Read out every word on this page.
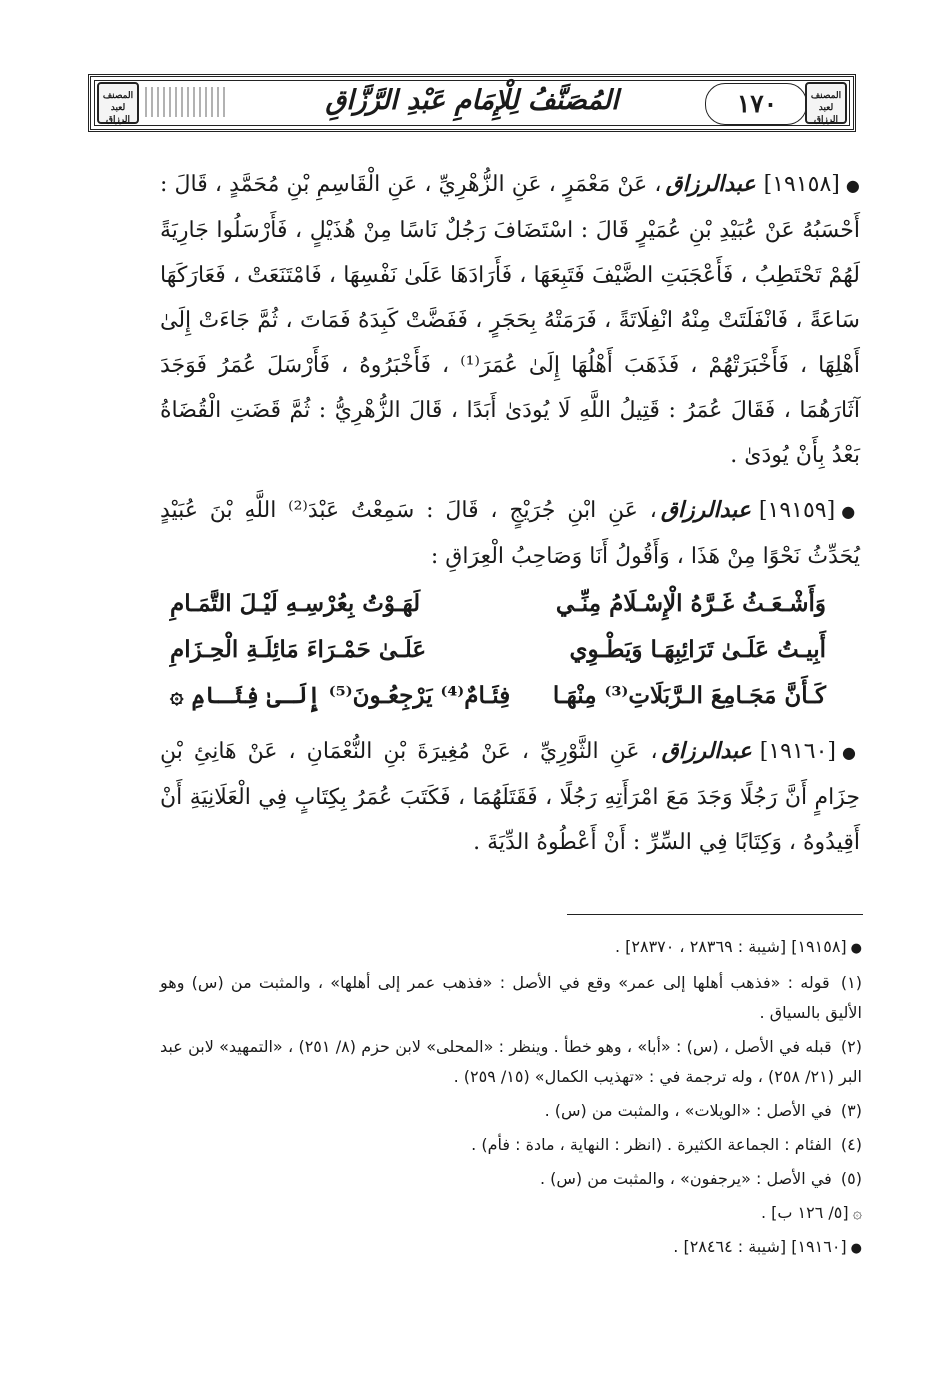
المصنف لعبد الرزاق
المُصَنَّفُ لِلْإِمَامِ عَبْدِ الرَّزَّاقِ	١٧٠	المصنف لعبد الرزاق

●[١٩١٥٨]عبدالرزاق، عَنْ مَعْمَرٍ ، عَنِ الزُّهْرِيِّ ، عَنِ الْقَاسِمِ بْنِ مُحَمَّدٍ ، قَالَ : أَحْسَبُهُ عَنْ عُبَيْدِ بْنِ عُمَيْرٍ قَالَ : اسْتَضَافَ رَجُلٌ نَاسًا مِنْ هُذَيْلٍ ، فَأَرْسَلُوا جَارِيَةً لَهُمْ تَحْتَطِبُ ، فَأَعْجَبَتِ الضَّيْفَ فَتَبِعَهَا ، فَأَرَادَهَا عَلَىٰ نَفْسِهَا ، فَامْتَنَعَتْ ، فَعَارَكَهَا سَاعَةً ، فَانْفَلَتَتْ مِنْهُ انْفِلَاتَةً ، فَرَمَتْهُ بِحَجَرٍ ، فَفَضَّتْ كَبِدَهُ فَمَاتَ ، ثُمَّ جَاءَتْ إِلَىٰ أَهْلِهَا ، فَأَخْبَرَتْهُمْ ، فَذَهَبَ أَهْلُهَا إِلَىٰ عُمَرَ⁽¹⁾ ، فَأَخْبَرُوهُ ، فَأَرْسَلَ عُمَرُ فَوَجَدَ آثَارَهُمَا ، فَقَالَ عُمَرُ : قَتِيلُ اللَّهِ لَا يُودَىٰ أَبَدًا ، قَالَ الزُّهْرِيُّ : ثُمَّ قَضَتِ الْقُضَاةُ بَعْدُ بِأَنْ يُودَىٰ .

●[١٩١٥٩]عبدالرزاق، عَنِ ابْنِ جُرَيْجٍ ، قَالَ : سَمِعْتُ عَبْدَ⁽²⁾ اللَّهِ بْنَ عُبَيْدٍ يُحَدِّثُ نَحْوًا مِنْ هَذَا ، وَأَقُولُ أَنَا وَصَاحِبُ الْعِرَاقِ :
وَأَشْـعَـثُ غَـرَّهُ الْإِسْـلَامُ مِنِّـي
لَهَـوْتُ بِعُرْسِـهِ لَيْـلَ التَّمَـامِ
أَبِيـتُ عَلَـىٰ تَرَائِبِهَـا وَيَطْـوِي
عَلَـىٰ حَمْـرَاءَ مَائِلَـةِ الْحِـزَامِ
كَـأَنَّ مَجَـامِعَ الـرَّبَلَاتِ⁽³⁾ مِنْهَـا
فِئَـامٌ⁽⁴⁾ يَرْجِعُـونَ⁽⁵⁾ إِلَـىٰ فِئَـامِ ۞

●[١٩١٦٠]عبدالرزاق، عَنِ الثَّوْرِيِّ ، عَنْ مُغِيرَةَ بْنِ النُّعْمَانِ ، عَنْ هَانِئِ بْنِ حِزَامٍ أَنَّ رَجُلًا وَجَدَ مَعَ امْرَأَتِهِ رَجُلًا ، فَقَتَلَهُمَا ، فَكَتَبَ عُمَرُ بِكِتَابٍ فِي الْعَلَانِيَةِ أَنْ أَقِيدُوهُ ، وَكِتَابًا فِي السِّرِّ : أَنْ أَعْطُوهُ الدِّيَةَ .

●[١٩١٥٨] [شيبة : ٢٨٣٦٩ ، ٢٨٣٧٠] .
(١) قوله : «فذهب أهلها إلى عمر» وقع في الأصل : «فذهب عمر إلى أهلها» ، والمثبت من (س) وهو الأليق بالسياق .
(٢) قبله في الأصل ، (س) : «أبا» ، وهو خطأ . وينظر : «المحلى» لابن حزم (٨/ ٢٥١) ، «التمهيد» لابن عبد البر (٢١/ ٢٥٨) ، وله ترجمة في : «تهذيب الكمال» (١٥/ ٢٥٩) .
(٣) في الأصل : «الويلات» ، والمثبت من (س) .
(٤) الفئام : الجماعة الكثيرة . (انظر : النهاية ، مادة : فأم) .
(٥) في الأصل : «يرجفون» ، والمثبت من (س) .
۞[٥/ ١٢٦ ب] .
●[١٩١٦٠] [شيبة : ٢٨٤٦٤] .
